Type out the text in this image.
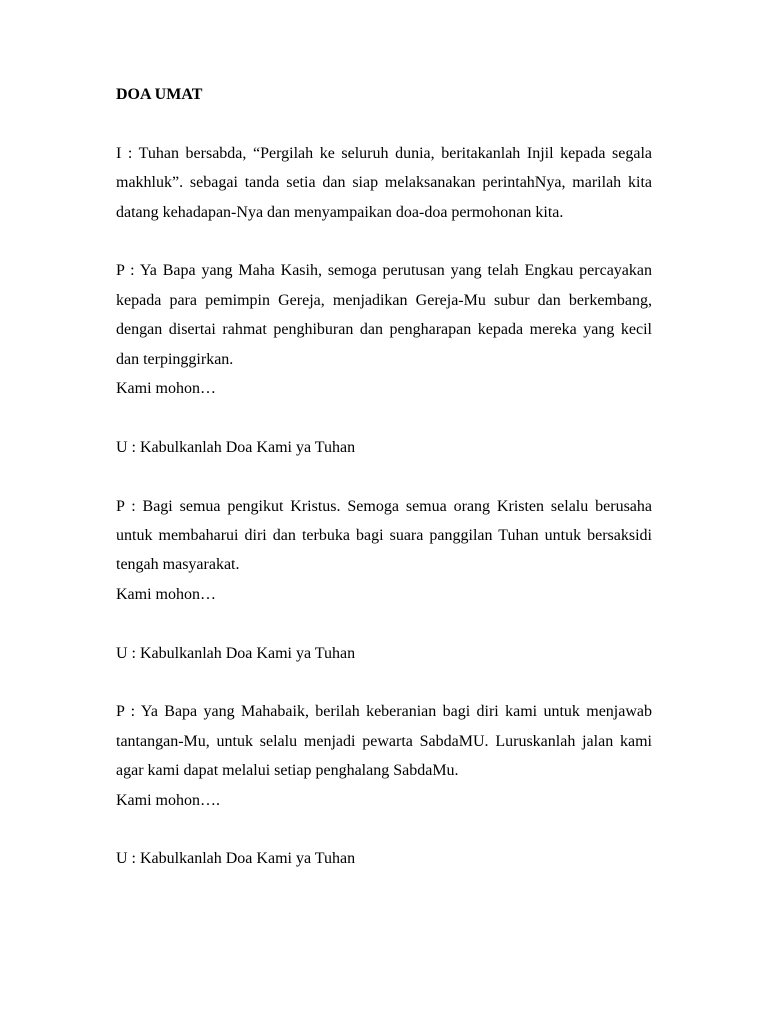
DOA UMAT

I : Tuhan bersabda, “Pergilah ke seluruh dunia, beritakanlah Injil kepada segala makhluk”. sebagai tanda setia dan siap melaksanakan perintahNya, marilah kita datang kehadapan-Nya dan menyampaikan doa-doa permohonan kita.

P : Ya Bapa yang Maha Kasih, semoga perutusan yang telah Engkau percayakan kepada para pemimpin Gereja, menjadikan Gereja-Mu subur dan berkembang, dengan disertai rahmat penghiburan dan pengharapan kepada mereka yang kecil dan terpinggirkan.

Kami mohon…

U : Kabulkanlah Doa Kami ya Tuhan

P : Bagi semua pengikut Kristus. Semoga semua orang Kristen selalu berusaha untuk membaharui diri dan terbuka bagi suara panggilan Tuhan untuk bersaksidi tengah masyarakat.

Kami mohon…

U : Kabulkanlah Doa Kami ya Tuhan

P : Ya Bapa yang Mahabaik, berilah keberanian bagi diri kami untuk menjawab tantangan-Mu, untuk selalu menjadi pewarta SabdaMU. Luruskanlah jalan kami agar kami dapat melalui setiap penghalang SabdaMu.

Kami mohon….

U : Kabulkanlah Doa Kami ya Tuhan
